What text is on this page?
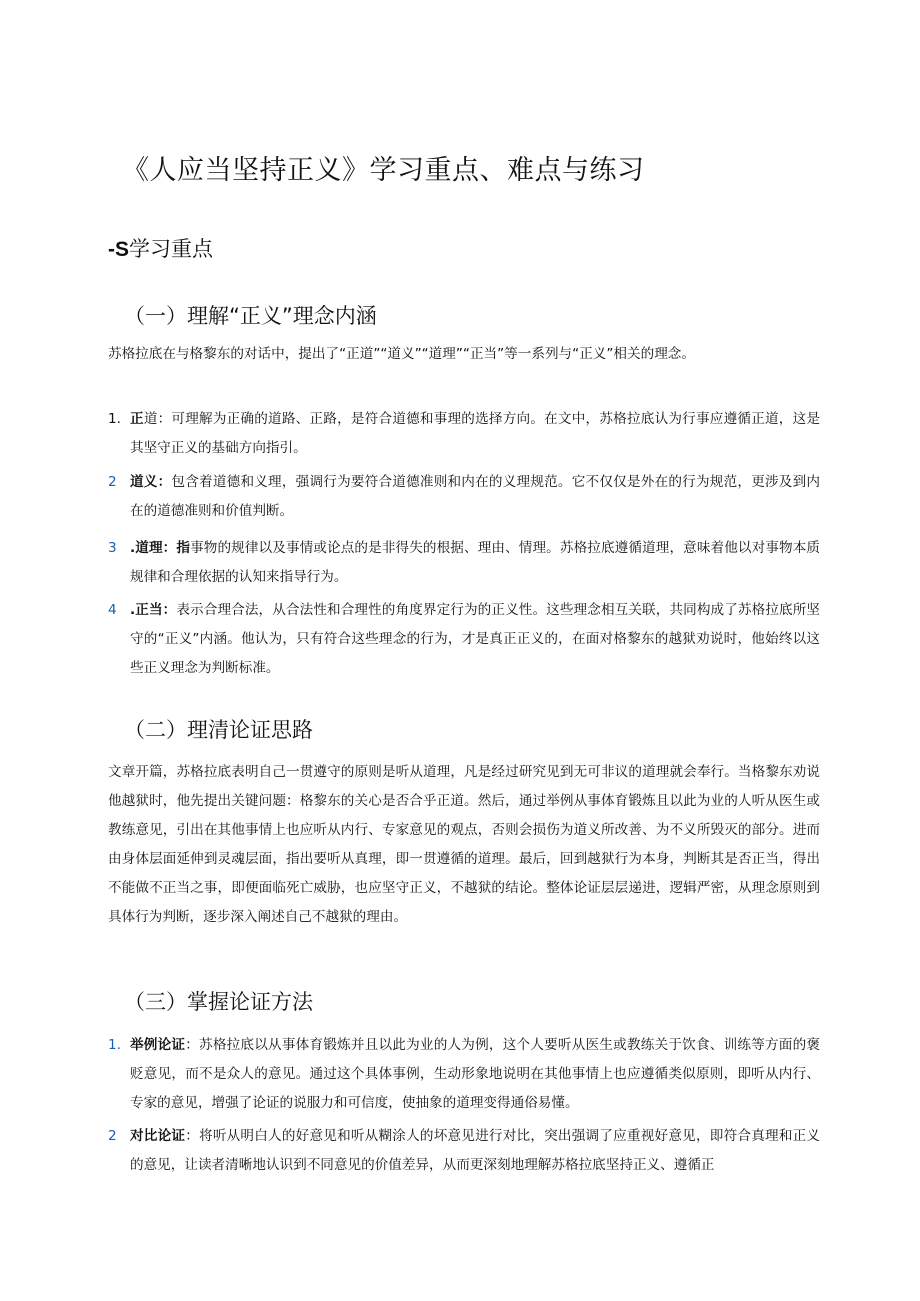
《人应当坚持正义》学习重点、难点与练习
-S学习重点
（一）理解“正义”理念内涵

苏格拉底在与格黎东的对话中，提出了“正道”“道义”“道理”“正当”等一系列与“正义”相关的理念。

1. 正道：可理解为正确的道路、正路，是符合道德和事理的选择方向。在文中，苏格拉底认为行事应遵循正道，这是其坚守正义的基础方向指引。

2 道义：包含着道德和义理，强调行为要符合道德准则和内在的义理规范。它不仅仅是外在的行为规范，更涉及到内在的道德准则和价值判断。

3 .道理：指事物的规律以及事情或论点的是非得失的根据、理由、情理。苏格拉底遵循道理，意味着他以对事物本质规律和合理依据的认知来指导行为。

4 .正当：表示合理合法，从合法性和合理性的角度界定行为的正义性。这些理念相互关联，共同构成了苏格拉底所坚守的“正义”内涵。他认为，只有符合这些理念的行为，才是真正正义的，在面对格黎东的越狱劝说时，他始终以这些正义理念为判断标准。

（二）理清论证思路

文章开篇，苏格拉底表明自己一贯遵守的原则是听从道理，凡是经过研究见到无可非议的道理就会奉行。当格黎东劝说他越狱时，他先提出关键问题：格黎东的关心是否合乎正道。然后，通过举例从事体育锻炼且以此为业的人听从医生或教练意见，引出在其他事情上也应听从内行、专家意见的观点，否则会损伤为道义所改善、为不义所毁灭的部分。进而由身体层面延伸到灵魂层面，指出要听从真理，即一贯遵循的道理。最后，回到越狱行为本身，判断其是否正当，得出不能做不正当之事，即便面临死亡威胁，也应坚守正义，不越狱的结论。整体论证层层递进，逻辑严密，从理念原则到具体行为判断，逐步深入阐述自己不越狱的理由。

（三）掌握论证方法

1. 举例论证：苏格拉底以从事体育锻炼并且以此为业的人为例，这个人要听从医生或教练关于饮食、训练等方面的褒贬意见，而不是众人的意见。通过这个具体事例，生动形象地说明在其他事情上也应遵循类似原则，即听从内行、专家的意见，增强了论证的说服力和可信度，使抽象的道理变得通俗易懂。

2 对比论证：将听从明白人的好意见和听从糊涂人的坏意见进行对比，突出强调了应重视好意见，即符合真理和正义的意见，让读者清晰地认识到不同意见的价值差异，从而更深刻地理解苏格拉底坚持正义、遵循正
